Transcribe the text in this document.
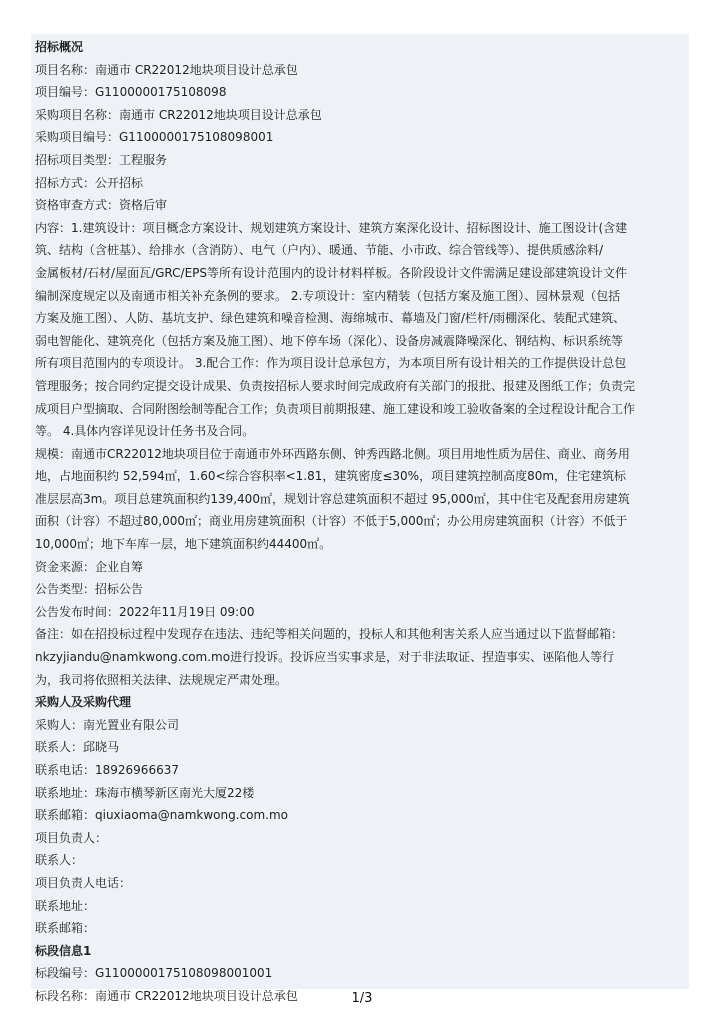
招标概况
项目名称：南通市 CR22012地块项目设计总承包
项目编号：G1100000175108098
采购项目名称：南通市 CR22012地块项目设计总承包
采购项目编号：G1100000175108098001
招标项目类型：工程服务
招标方式：公开招标
资格审查方式：资格后审
内容：1.建筑设计：项目概念方案设计、规划建筑方案设计、建筑方案深化设计、招标图设计、施工图设计(含建
筑、结构（含桩基）、给排水（含消防）、电气（户内）、暖通、节能、小市政、综合管线等）、提供质感涂料/
金属板材/石材/屋面瓦/GRC/EPS等所有设计范围内的设计材料样板。各阶段设计文件需满足建设部建筑设计文件
编制深度规定以及南通市相关补充条例的要求。 2.专项设计：室内精装（包括方案及施工图）、园林景观（包括
方案及施工图）、人防、基坑支护、绿色建筑和噪音检测、海绵城市、幕墙及门窗/栏杆/雨棚深化、装配式建筑、
弱电智能化、建筑亮化（包括方案及施工图）、地下停车场（深化）、设备房减震降噪深化、钢结构、标识系统等
所有项目范围内的专项设计。 3.配合工作：作为项目设计总承包方，为本项目所有设计相关的工作提供设计总包
管理服务；按合同约定提交设计成果、负责按招标人要求时间完成政府有关部门的报批、报建及图纸工作；负责完
成项目户型摘取、合同附图绘制等配合工作；负责项目前期报建、施工建设和竣工验收备案的全过程设计配合工作
等。 4.具体内容详见设计任务书及合同。
规模：南通市CR22012地块项目位于南通市外环西路东侧、钟秀西路北侧。项目用地性质为居住、商业、商务用
地，占地面积约 52,594㎡，1.60<综合容积率<1.81，建筑密度≤30%，项目建筑控制高度80m，住宅建筑标
准层层高3m。项目总建筑面积约139,400㎡，规划计容总建筑面积不超过 95,000㎡，其中住宅及配套用房建筑
面积（计容）不超过80,000㎡；商业用房建筑面积（计容）不低于5,000㎡；办公用房建筑面积（计容）不低于
10,000㎡；地下车库一层，地下建筑面积约44400㎡。
资金来源：企业自筹
公告类型：招标公告
公告发布时间：2022年11月19日 09:00
备注：如在招投标过程中发现存在违法、违纪等相关问题的，投标人和其他利害关系人应当通过以下监督邮箱：
nkzyjiandu@namkwong.com.mo进行投诉。投诉应当实事求是，对于非法取证、捏造事实、诬陷他人等行
为，我司将依照相关法律、法规规定严肃处理。
采购人及采购代理
采购人：南光置业有限公司
联系人：邱晓马
联系电话：18926966637
联系地址：珠海市横琴新区南光大厦22楼
联系邮箱：qiuxiaoma@namkwong.com.mo
项目负责人：
联系人：
项目负责人电话：
联系地址：
联系邮箱：
标段信息1
标段编号：G1100000175108098001001
标段名称：南通市 CR22012地块项目设计总承包	1/3
